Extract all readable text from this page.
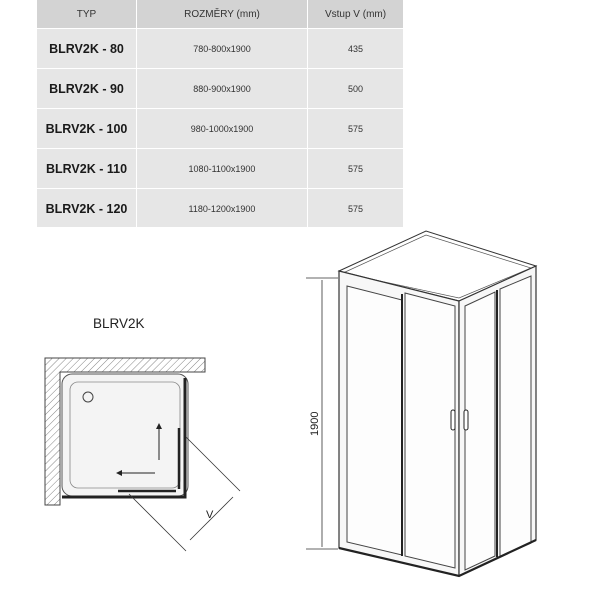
TYP	ROZMĚRY (mm)	Vstup V (mm)
BLRV2K - 80	780-800x1900	435
BLRV2K - 90	880-900x1900	500
BLRV2K - 100	980-1000x1900	575
BLRV2K - 110	1080-1100x1900	575
BLRV2K - 120	1180-1200x1900	575
BLRV2K
V
1900
